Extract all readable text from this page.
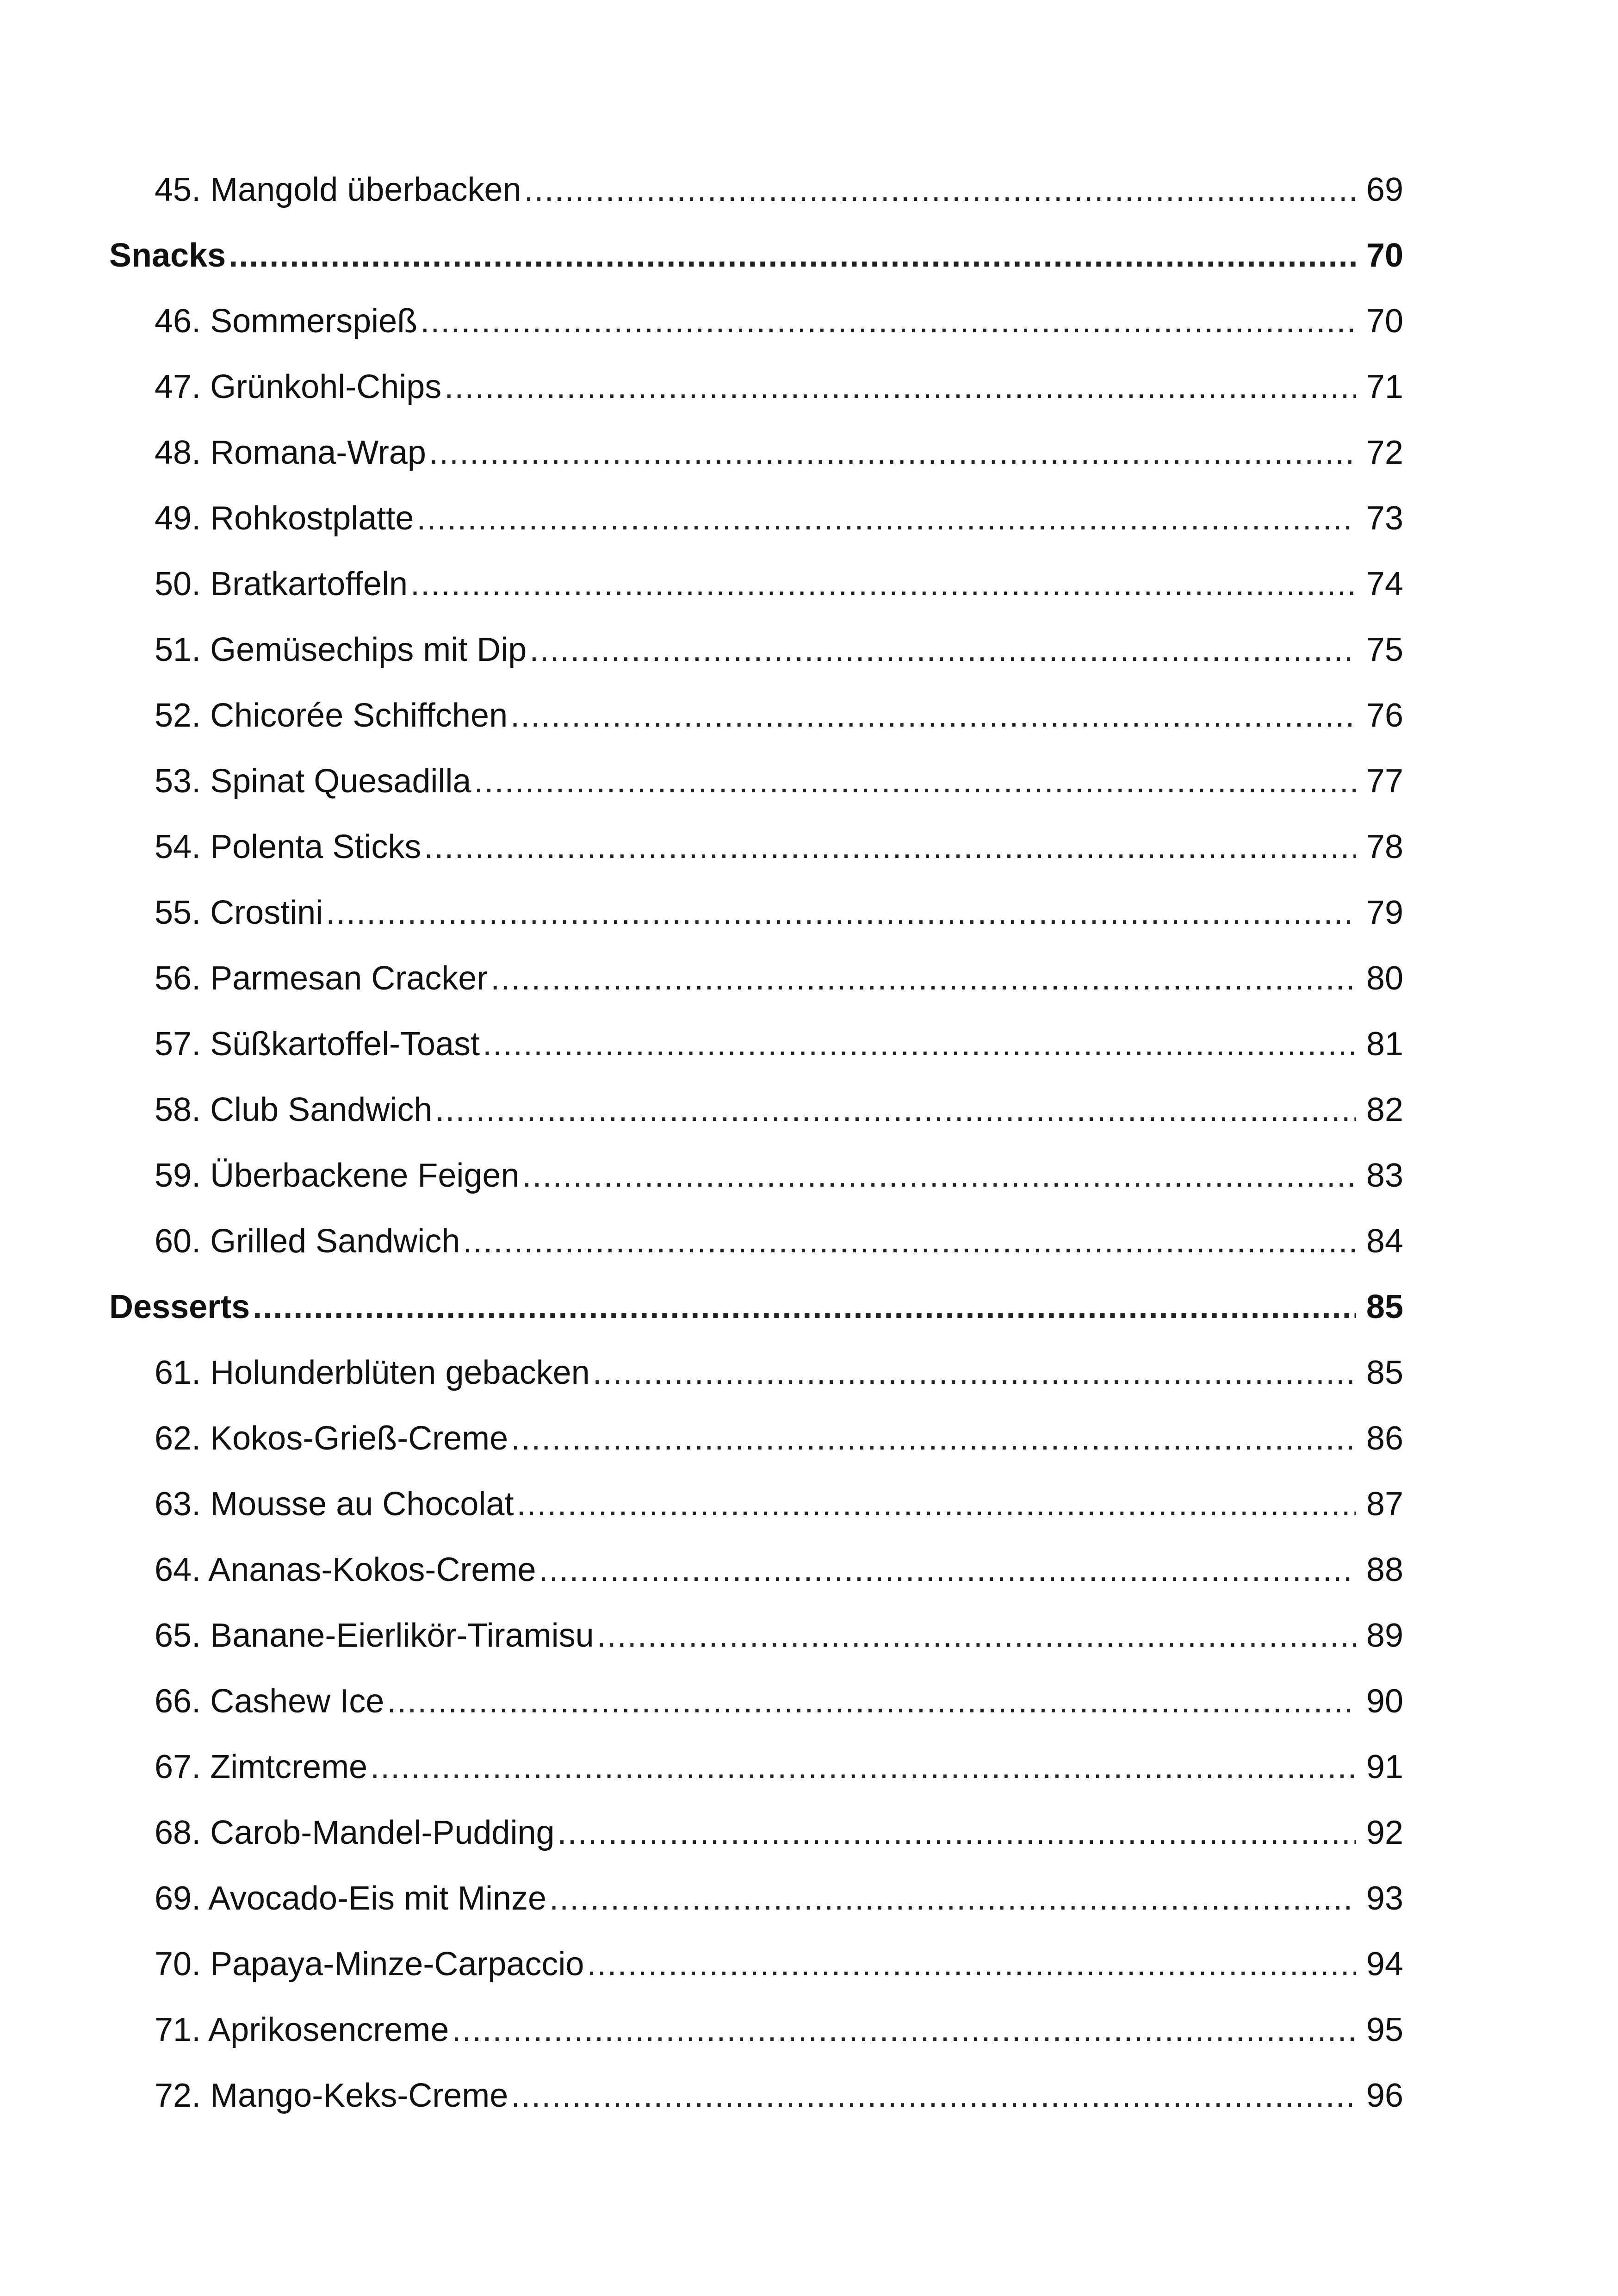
45. Mangold überbacken .....	69
Snacks .....	70
46. Sommerspieß .....	70
47. Grünkohl-Chips .....	71
48. Romana-Wrap .....	72
49. Rohkostplatte .....	73
50. Bratkartoffeln .....	74
51. Gemüsechips mit Dip .....	75
52. Chicorée Schiffchen .....	76
53. Spinat Quesadilla .....	77
54. Polenta Sticks .....	78
55. Crostini .....	79
56. Parmesan Cracker .....	80
57. Süßkartoffel-Toast .....	81
58. Club Sandwich .....	82
59. Überbackene Feigen .....	83
60. Grilled Sandwich .....	84
Desserts .....	85
61. Holunderblüten gebacken .....	85
62. Kokos-Grieß-Creme .....	86
63. Mousse au Chocolat .....	87
64. Ananas-Kokos-Creme .....	88
65. Banane-Eierlikör-Tiramisu .....	89
66. Cashew Ice .....	90
67. Zimtcreme .....	91
68. Carob-Mandel-Pudding .....	92
69. Avocado-Eis mit Minze .....	93
70. Papaya-Minze-Carpaccio .....	94
71. Aprikosencreme .....	95
72. Mango-Keks-Creme .....	96
